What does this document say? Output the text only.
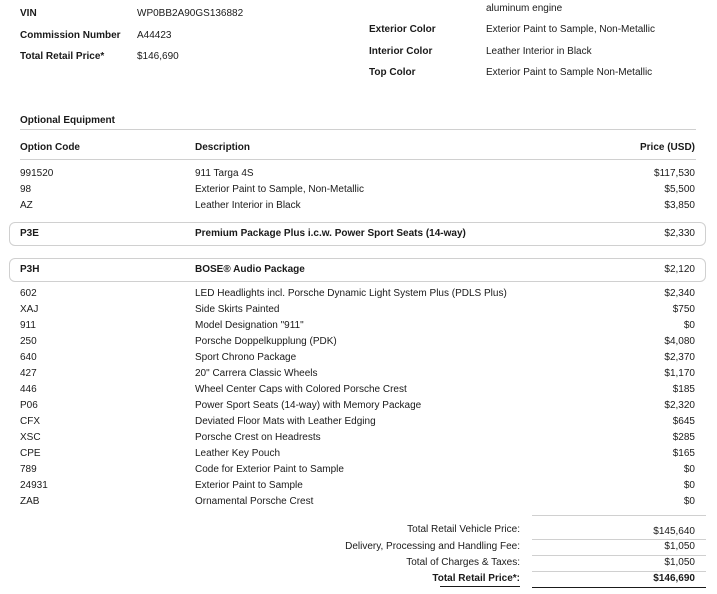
VIN	WP0BB2A90GS136882
Commission Number A44423
Total Retail Price*	$146,690
aluminum engine
Exterior Color	Exterior Paint to Sample, Non-Metallic
Interior Color	Leather Interior in Black
Top Color	Exterior Paint to Sample Non-Metallic
Optional Equipment
Option Code	Description	Price (USD)
991520	911 Targa 4S	$117,530
98	Exterior Paint to Sample, Non-Metallic	$5,500
AZ	Leather Interior in Black	$3,850
P3E	Premium Package Plus i.c.w. Power Sport Seats (14-way)	$2,330
P3H	BOSE® Audio Package	$2,120
602	LED Headlights incl. Porsche Dynamic Light System Plus (PDLS Plus)	$2,340
XAJ	Side Skirts Painted	$750
911	Model Designation "911"	$0
250	Porsche Doppelkupplung (PDK)	$4,080
640	Sport Chrono Package	$2,370
427	20" Carrera Classic Wheels	$1,170
446	Wheel Center Caps with Colored Porsche Crest	$185
P06	Power Sport Seats (14-way) with Memory Package	$2,320
CFX	Deviated Floor Mats with Leather Edging	$645
XSC	Porsche Crest on Headrests	$285
CPE	Leather Key Pouch	$165
789	Code for Exterior Paint to Sample	$0
24931	Exterior Paint to Sample	$0
ZAB	Ornamental Porsche Crest	$0
Total Retail Vehicle Price:	$145,640
Delivery, Processing and Handling Fee:	$1,050
Total of Charges & Taxes:	$1,050
Total Retail Price*:	$146,690
